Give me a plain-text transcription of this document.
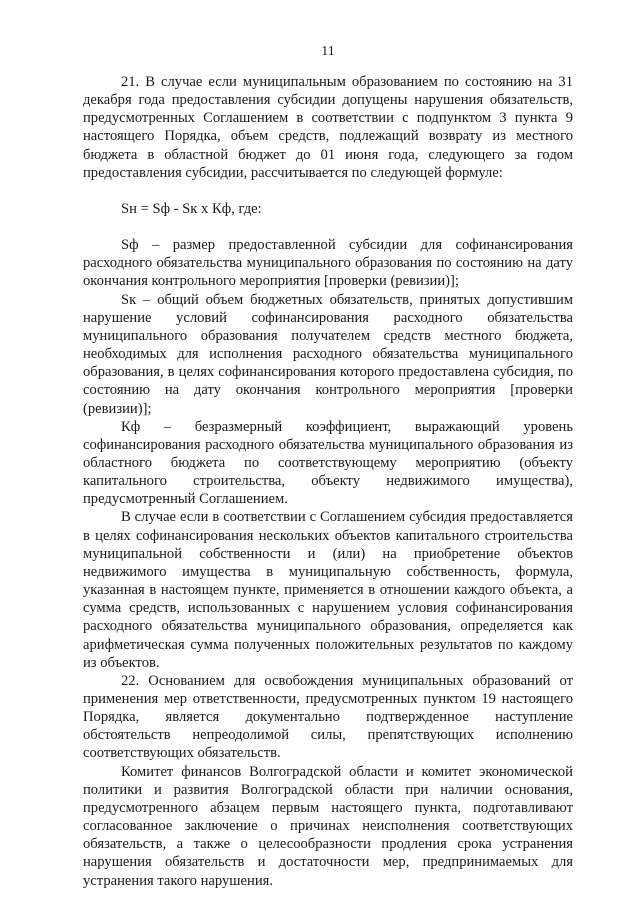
11

21. В случае если муниципальным образованием по состоянию на 31 декабря года предоставления субсидии допущены нарушения обязательств, предусмотренных Соглашением в соответствии с подпунктом 3 пункта 9 настоящего Порядка, объем средств, подлежащий возврату из местного бюджета в областной бюджет до 01 июня года, следующего за годом предоставления субсидии, рассчитывается по следующей формуле:

Sн = Sф - Sк х Кф, где:

Sф – размер предоставленной субсидии для софинансирования расходного обязательства муниципального образования по состоянию на дату окончания контрольного мероприятия [проверки (ревизии)];

Sк – общий объем бюджетных обязательств, принятых допустившим нарушение условий софинансирования расходного обязательства муниципального образования получателем средств местного бюджета, необходимых для исполнения расходного обязательства муниципального образования, в целях софинансирования которого предоставлена субсидия, по состоянию на дату окончания контрольного мероприятия [проверки (ревизии)];

Кф – безразмерный коэффициент, выражающий уровень софинансирования расходного обязательства муниципального образования из областного бюджета по соответствующему мероприятию (объекту капитального строительства, объекту недвижимого имущества), предусмотренный Соглашением.

В случае если в соответствии с Соглашением субсидия предоставляется в целях софинансирования нескольких объектов капитального строительства муниципальной собственности и (или) на приобретение объектов недвижимого имущества в муниципальную собственность, формула, указанная в настоящем пункте, применяется в отношении каждого объекта, а сумма средств, использованных с нарушением условия софинансирования расходного обязательства муниципального образования, определяется как арифметическая сумма полученных положительных результатов по каждому из объектов.

22. Основанием для освобождения муниципальных образований от применения мер ответственности, предусмотренных пунктом 19 настоящего Порядка, является документально подтвержденное наступление обстоятельств непреодолимой силы, препятствующих исполнению соответствующих обязательств.

Комитет финансов Волгоградской области и комитет экономической политики и развития Волгоградской области при наличии основания, предусмотренного абзацем первым настоящего пункта, подготавливают согласованное заключение о причинах неисполнения соответствующих обязательств, а также о целесообразности продления срока устранения нарушения обязательств и достаточности мер, предпринимаемых для устранения такого нарушения.
